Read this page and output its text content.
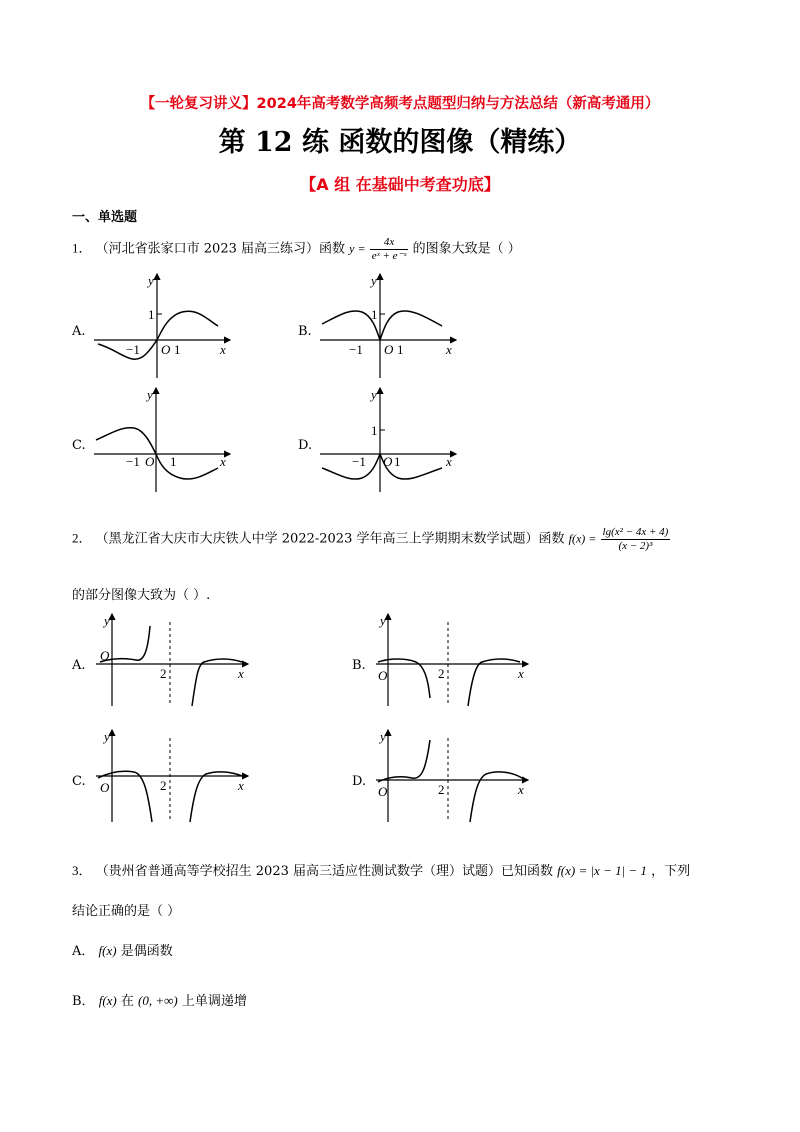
【一轮复习讲义】2024年高考数学高频考点题型归纳与方法总结（新高考通用）
第 12 练 函数的图像（精练）
【A 组 在基础中考查功底】
一、单选题
1． （河北省张家口市 2023 届高三练习）函数 $y = \frac{4x}{\text{eˣ + e⁻ˣ}}$ 的图象大致是（ ）
A.
y
x
1
−1 O 1
B.
y
x
1
−1 O 1
C.
y
x
1
−1 O
D.
y
x
1
−1 O 1
2． （黑龙江省大庆市大庆铁人中学 2022-2023 学年高三上学期期末数学试题）函数 $f(x) = \frac{\text{lg(x² − 4x + 4)}}{\text{(x − 2)³}}$
的部分图像大致为（ ）.
A.
y
x
O
2
B.
y
x
O	2
C.
y
x
O	2	D.
y
x
O	2
3． （贵州省普通高等学校招生 2023 届高三适应性测试数学（理）试题）已知函数 f(x) = |x − 1| − 1 ，下列
结论正确的是（ ）
A． f(x) 是偶函数
B． f(x) 在 (0, +∞) 上单调递增
